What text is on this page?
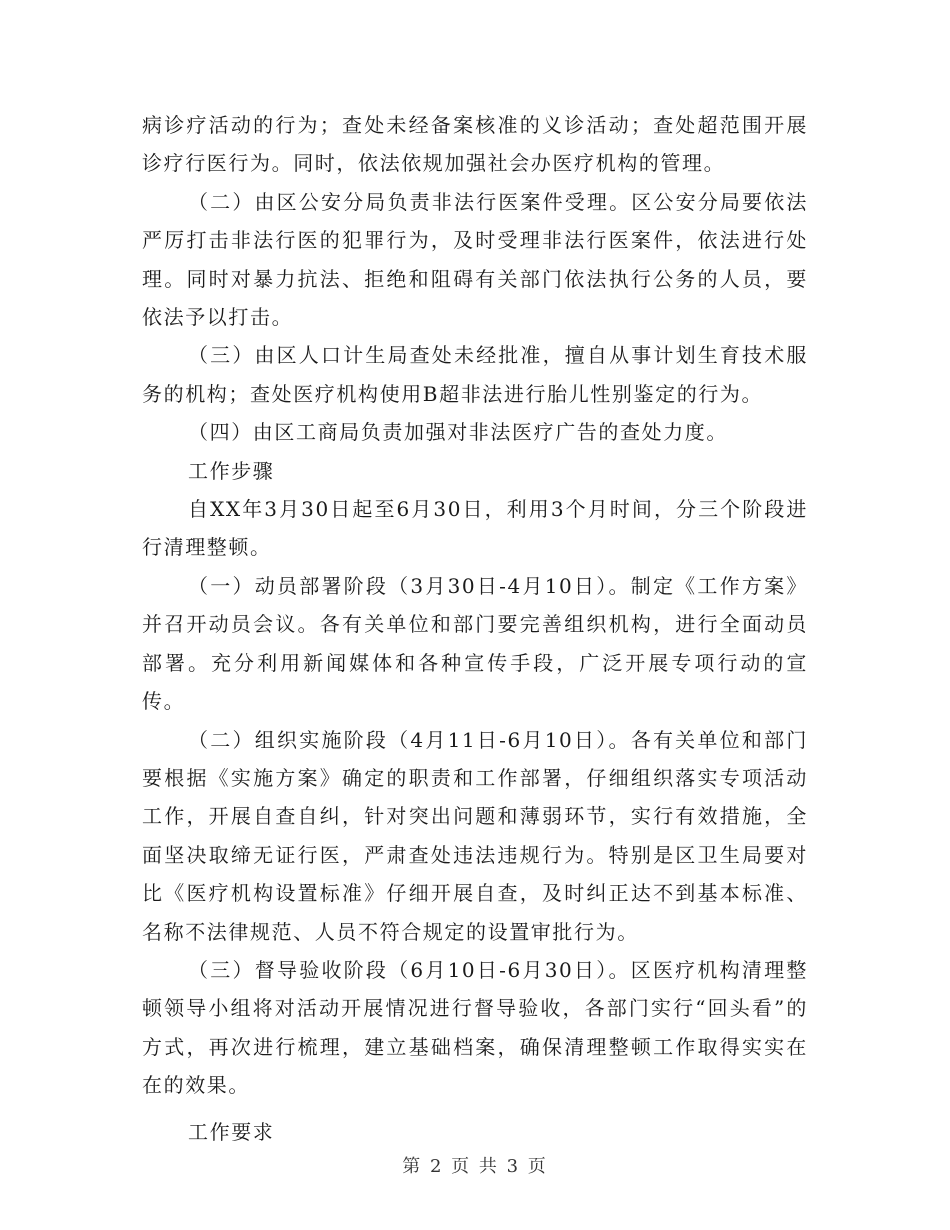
病诊疗活动的行为；查处未经备案核准的义诊活动；查处超范围开展诊疗行医行为。同时，依法依规加强社会办医疗机构的管理。

（二）由区公安分局负责非法行医案件受理。区公安分局要依法严厉打击非法行医的犯罪行为，及时受理非法行医案件，依法进行处理。同时对暴力抗法、拒绝和阻碍有关部门依法执行公务的人员，要依法予以打击。

（三）由区人口计生局查处未经批准，擅自从事计划生育技术服务的机构；查处医疗机构使用B超非法进行胎儿性别鉴定的行为。

（四）由区工商局负责加强对非法医疗广告的查处力度。

工作步骤

自XX年3月30日起至6月30日，利用3个月时间，分三个阶段进行清理整顿。

（一）动员部署阶段（3月30日-4月10日）。制定《工作方案》并召开动员会议。各有关单位和部门要完善组织机构，进行全面动员部署。充分利用新闻媒体和各种宣传手段，广泛开展专项行动的宣传。

（二）组织实施阶段（4月11日-6月10日）。各有关单位和部门要根据《实施方案》确定的职责和工作部署，仔细组织落实专项活动工作，开展自查自纠，针对突出问题和薄弱环节，实行有效措施，全面坚决取缔无证行医，严肃查处违法违规行为。特别是区卫生局要对比《医疗机构设置标准》仔细开展自查，及时纠正达不到基本标准、名称不法律规范、人员不符合规定的设置审批行为。

（三）督导验收阶段（6月10日-6月30日）。区医疗机构清理整顿领导小组将对活动开展情况进行督导验收，各部门实行“回头看”的方式，再次进行梳理，建立基础档案，确保清理整顿工作取得实实在在的效果。

工作要求

第 2 页 共 3 页
